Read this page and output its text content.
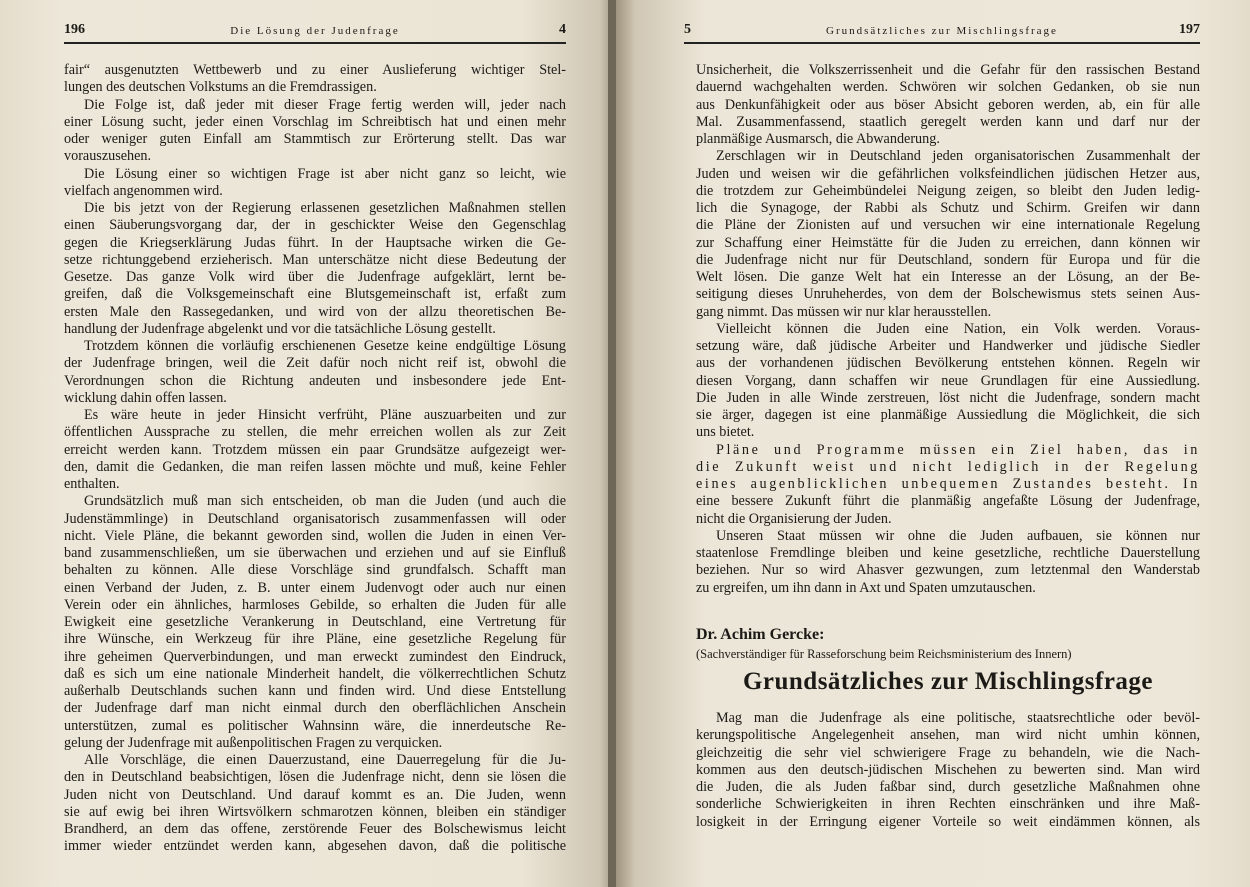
196	Die Lösung der Judenfrage	4
fair“ ausgenutzten Wettbewerb und zu einer Auslieferung wichtiger Stel-
lungen des deutschen Volkstums an die Fremdrassigen.
Die Folge ist, daß jeder mit dieser Frage fertig werden will, jeder nach
einer Lösung sucht, jeder einen Vorschlag im Schreibtisch hat und einen mehr
oder weniger guten Einfall am Stammtisch zur Erörterung stellt. Das war
vorauszusehen.
Die Lösung einer so wichtigen Frage ist aber nicht ganz so leicht, wie
vielfach angenommen wird.
Die bis jetzt von der Regierung erlassenen gesetzlichen Maßnahmen stellen
einen Säuberungsvorgang dar, der in geschickter Weise den Gegenschlag
gegen die Kriegserklärung Judas führt. In der Hauptsache wirken die Ge-
setze richtunggebend erzieherisch. Man unterschätze nicht diese Bedeutung der
Gesetze. Das ganze Volk wird über die Judenfrage aufgeklärt, lernt be-
greifen, daß die Volksgemeinschaft eine Blutsgemeinschaft ist, erfaßt zum
ersten Male den Rassegedanken, und wird von der allzu theoretischen Be-
handlung der Judenfrage abgelenkt und vor die tatsächliche Lösung gestellt.
Trotzdem können die vorläufig erschienenen Gesetze keine endgültige Lösung
der Judenfrage bringen, weil die Zeit dafür noch nicht reif ist, obwohl die
Verordnungen schon die Richtung andeuten und insbesondere jede Ent-
wicklung dahin offen lassen.
Es wäre heute in jeder Hinsicht verfrüht, Pläne auszuarbeiten und zur
öffentlichen Aussprache zu stellen, die mehr erreichen wollen als zur Zeit
erreicht werden kann. Trotzdem müssen ein paar Grundsätze aufgezeigt wer-
den, damit die Gedanken, die man reifen lassen möchte und muß, keine Fehler
enthalten.
Grundsätzlich muß man sich entscheiden, ob man die Juden (und auch die
Judenstämmlinge) in Deutschland organisatorisch zusammenfassen will oder
nicht. Viele Pläne, die bekannt geworden sind, wollen die Juden in einen Ver-
band zusammenschließen, um sie überwachen und erziehen und auf sie Einfluß
behalten zu können. Alle diese Vorschläge sind grundfalsch. Schafft man
einen Verband der Juden, z. B. unter einem Judenvogt oder auch nur einen
Verein oder ein ähnliches, harmloses Gebilde, so erhalten die Juden für alle
Ewigkeit eine gesetzliche Verankerung in Deutschland, eine Vertretung für
ihre Wünsche, ein Werkzeug für ihre Pläne, eine gesetzliche Regelung für
ihre geheimen Querverbindungen, und man erweckt zumindest den Eindruck,
daß es sich um eine nationale Minderheit handelt, die völkerrechtlichen Schutz
außerhalb Deutschlands suchen kann und finden wird. Und diese Entstellung
der Judenfrage darf man nicht einmal durch den oberflächlichen Anschein
unterstützen, zumal es politischer Wahnsinn wäre, die innerdeutsche Re-
gelung der Judenfrage mit außenpolitischen Fragen zu verquicken.
Alle Vorschläge, die einen Dauerzustand, eine Dauerregelung für die Ju-
den in Deutschland beabsichtigen, lösen die Judenfrage nicht, denn sie lösen die
Juden nicht von Deutschland. Und darauf kommt es an. Die Juden, wenn
sie auf ewig bei ihren Wirtsvölkern schmarotzen können, bleiben ein ständiger
Brandherd, an dem das offene, zerstörende Feuer des Bolschewismus leicht
immer wieder entzündet werden kann, abgesehen davon, daß die politische
5	Grundsätzliches zur Mischlingsfrage	197
Unsicherheit, die Volkszerrissenheit und die Gefahr für den rassischen Bestand
dauernd wachgehalten werden. Schwören wir solchen Gedanken, ob sie nun
aus Denkunfähigkeit oder aus böser Absicht geboren werden, ab, ein für alle
Mal. Zusammenfassend, staatlich geregelt werden kann und darf nur der
planmäßige Ausmarsch, die Abwanderung.
Zerschlagen wir in Deutschland jeden organisatorischen Zusammenhalt der
Juden und weisen wir die gefährlichen volksfeindlichen jüdischen Hetzer aus,
die trotzdem zur Geheimbündelei Neigung zeigen, so bleibt den Juden ledig-
lich die Synagoge, der Rabbi als Schutz und Schirm. Greifen wir dann
die Pläne der Zionisten auf und versuchen wir eine internationale Regelung
zur Schaffung einer Heimstätte für die Juden zu erreichen, dann können wir
die Judenfrage nicht nur für Deutschland, sondern für Europa und für die
Welt lösen. Die ganze Welt hat ein Interesse an der Lösung, an der Be-
seitigung dieses Unruheherdes, von dem der Bolschewismus stets seinen Aus-
gang nimmt. Das müssen wir nur klar herausstellen.
Vielleicht können die Juden eine Nation, ein Volk werden. Voraus-
setzung wäre, daß jüdische Arbeiter und Handwerker und jüdische Siedler
aus der vorhandenen jüdischen Bevölkerung entstehen können. Regeln wir
diesen Vorgang, dann schaffen wir neue Grundlagen für eine Aussiedlung.
Die Juden in alle Winde zerstreuen, löst nicht die Judenfrage, sondern macht
sie ärger, dagegen ist eine planmäßige Aussiedlung die Möglichkeit, die sich
uns bietet.
Pläne und Programme müssen ein Ziel haben, das in
die Zukunft weist und nicht lediglich in der Regelung
eines augenblicklichen unbequemen Zustandes besteht. In
eine bessere Zukunft führt die planmäßig angefaßte Lösung der Judenfrage,
nicht die Organisierung der Juden.
Unseren Staat müssen wir ohne die Juden aufbauen, sie können nur
staatenlose Fremdlinge bleiben und keine gesetzliche, rechtliche Dauerstellung
beziehen. Nur so wird Ahasver gezwungen, zum letztenmal den Wanderstab
zu ergreifen, um ihn dann in Axt und Spaten umzutauschen.
Dr. Achim Gercke:
(Sachverständiger für Rasseforschung beim Reichsministerium des Innern)
Grundsätzliches zur Mischlingsfrage
Mag man die Judenfrage als eine politische, staatsrechtliche oder bevöl-
kerungspolitische Angelegenheit ansehen, man wird nicht umhin können,
gleichzeitig die sehr viel schwierigere Frage zu behandeln, wie die Nach-
kommen aus den deutsch-jüdischen Mischehen zu bewerten sind. Man wird
die Juden, die als Juden faßbar sind, durch gesetzliche Maßnahmen ohne
sonderliche Schwierigkeiten in ihren Rechten einschränken und ihre Maß-
losigkeit in der Erringung eigener Vorteile so weit eindämmen können, als
